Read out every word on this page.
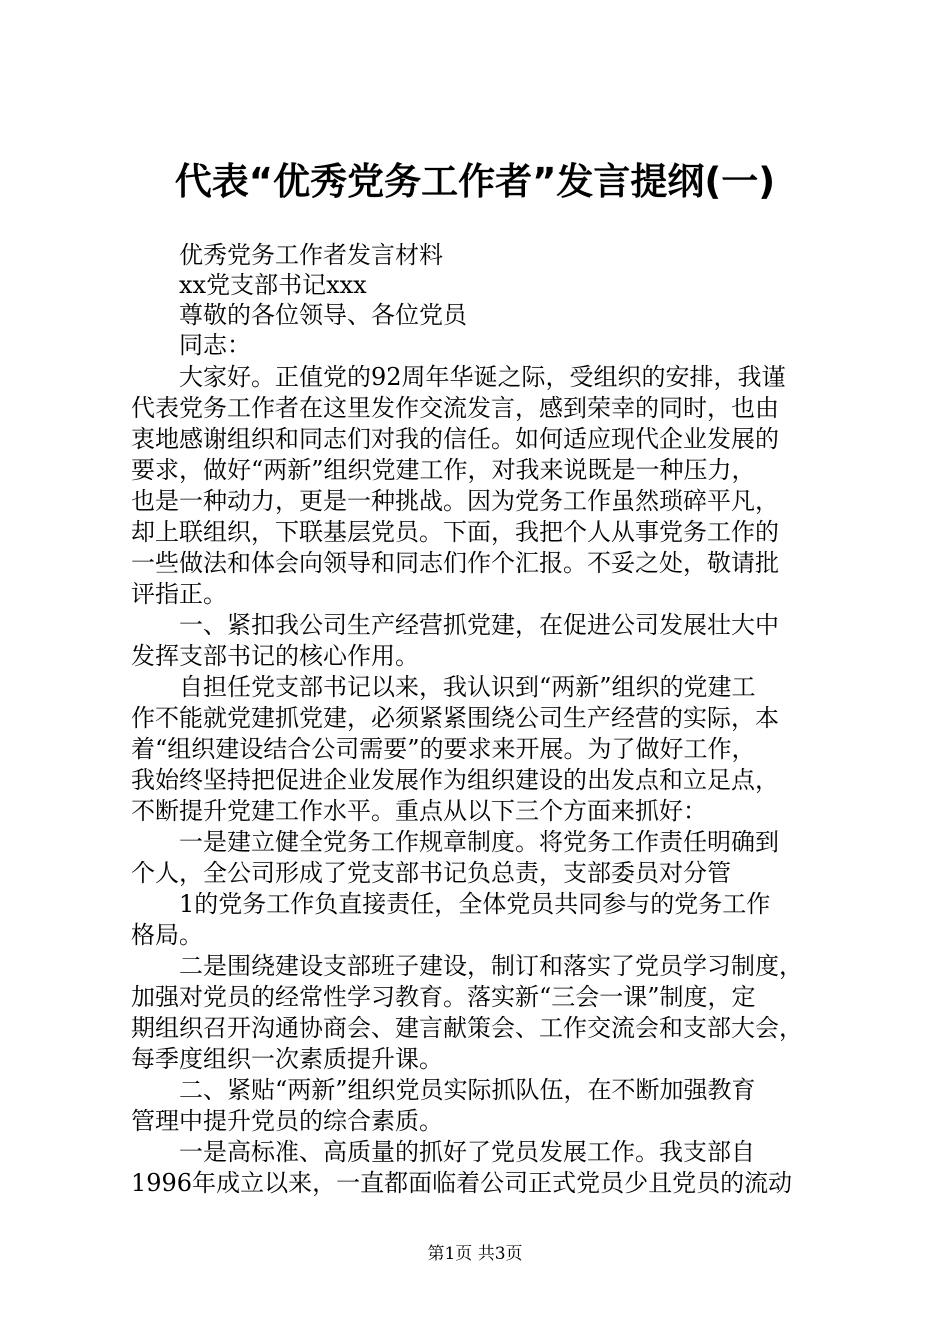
代表“优秀党务工作者”发言提纲(一)
　　优秀党务工作者发言材料
　　xx党支部书记xxx
　　尊敬的各位领导、各位党员
　　同志：
　　大家好。正值党的92周年华诞之际，受组织的安排，我谨
代表党务工作者在这里发作交流发言，感到荣幸的同时，也由
衷地感谢组织和同志们对我的信任。如何适应现代企业发展的
要求，做好“两新”组织党建工作，对我来说既是一种压力，
也是一种动力，更是一种挑战。因为党务工作虽然琐碎平凡，
却上联组织，下联基层党员。下面，我把个人从事党务工作的
一些做法和体会向领导和同志们作个汇报。不妥之处，敬请批
评指正。
　　一、紧扣我公司生产经营抓党建，在促进公司发展壮大中
发挥支部书记的核心作用。
　　自担任党支部书记以来，我认识到“两新”组织的党建工
作不能就党建抓党建，必须紧紧围绕公司生产经营的实际，本
着“组织建设结合公司需要”的要求来开展。为了做好工作，
我始终坚持把促进企业发展作为组织建设的出发点和立足点，
不断提升党建工作水平。重点从以下三个方面来抓好：
　　一是建立健全党务工作规章制度。将党务工作责任明确到
个人，全公司形成了党支部书记负总责，支部委员对分管
　　1的党务工作负直接责任，全体党员共同参与的党务工作
格局。
　　二是围绕建设支部班子建设，制订和落实了党员学习制度，
加强对党员的经常性学习教育。落实新“三会一课”制度，定
期组织召开沟通协商会、建言献策会、工作交流会和支部大会，
每季度组织一次素质提升课。
　　二、紧贴“两新”组织党员实际抓队伍，在不断加强教育
管理中提升党员的综合素质。
　　一是高标准、高质量的抓好了党员发展工作。我支部自
1996年成立以来，一直都面临着公司正式党员少且党员的流动
第1页 共3页
